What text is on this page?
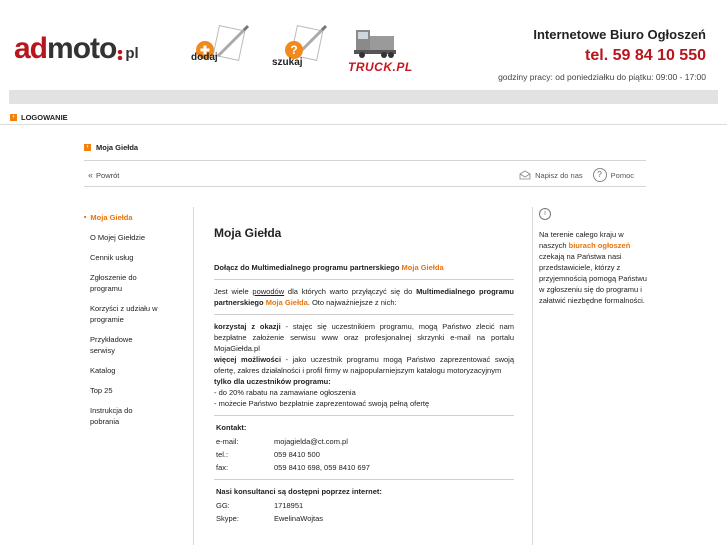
ad moto pl	dodaj
?
szukaj	TRUCK.PL
Internetowe Biuro Ogłoszeń
tel. 59 84 10 550
godziny pracy: od poniedziałku do piątku: 09:00 - 17:00
› LOGOWANIE
›	Moja Giełda
« Powrót	Napisz do nas	?	Pomoc
■ Moja Giełda
O Mojej Giełdzie
Cennik usług
Zgłoszenie do programu
Korzyści z udziału w programie
Przykładowe serwisy
Katalog
Top 25
Instrukcja do pobrania
Moja Giełda

Dołącz do Multimedialnego programu partnerskiego Moja Giełda

Jest wiele powodów dla których warto przyłączyć się do Multimedialnego programu partnerskiego Moja Giełda. Oto najważniejsze z nich:

korzystaj z okazji - stajęc się uczestnikiem programu, mogą Państwo zlecić nam bezpłatne założenie serwisu www oraz profesjonalnej skrzynki e-mail na portalu MojaGiełda.pl
więcej możliwości - jako uczestnik programu mogą Państwo zaprezentować swoją ofertę, zakres działalności i profil firmy w najpopularniejszym katalogu motoryzacyjnym
tylko dla uczestników programu:
- do 20% rabatu na zamawiane ogłoszenia
- możecie Państwo bezpłatnie zaprezentować swoją pełną ofertę
Kontakt:
e-mail:	mojagielda@ct.com.pl
tel.:	059 8410 500
fax:	059 8410 698, 059 8410 697
Nasi konsultanci są dostępni poprzez internet:
GG:	1718951
Skype:	EwelinaWojtas
i
Na terenie całego kraju w naszych biurach ogłoszeń czekają na Państwa nasi przedstawiciele, którzy z przyjemnością pomogą Państwu w zgłoszeniu się do programu i załatwić niezbędne formalności.
